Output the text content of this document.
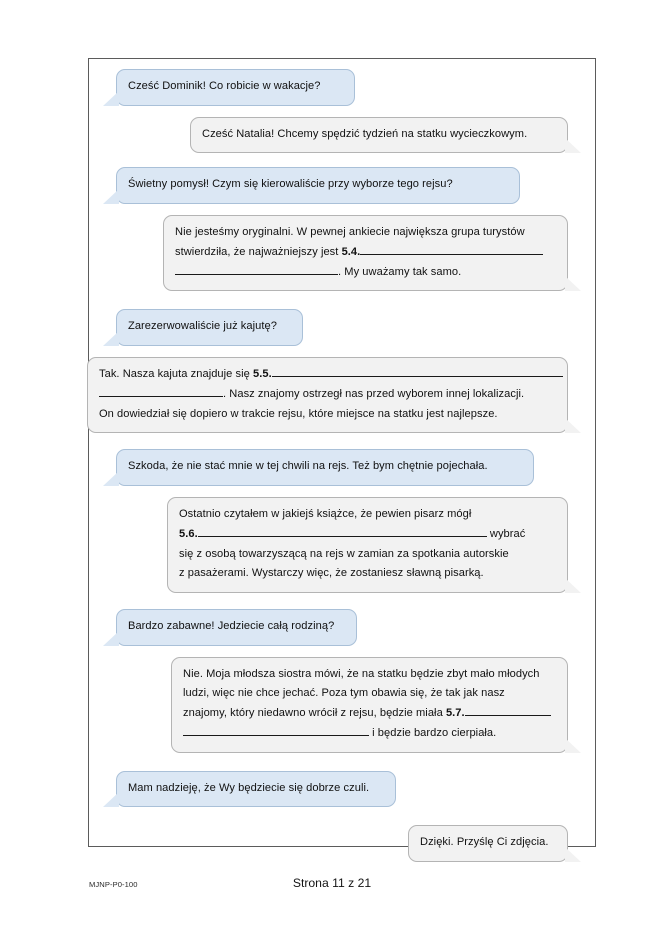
Cześć Dominik! Co robicie w wakacje?
Cześć Natalia! Chcemy spędzić tydzień na statku wycieczkowym.
Świetny pomysł! Czym się kierowaliście przy wyborze tego rejsu?
Nie jesteśmy oryginalni. W pewnej ankiecie największa grupa turystów
stwierdziła, że najważniejszy jest 5.4.
. My uważamy tak samo.
Zarezerwowaliście już kajutę?
Tak. Nasza kajuta znajduje się 5.5.
. Nasz znajomy ostrzegł nas przed wyborem innej lokalizacji.
On dowiedział się dopiero w trakcie rejsu, które miejsce na statku jest najlepsze.
Szkoda, że nie stać mnie w tej chwili na rejs. Też bym chętnie pojechała.
Ostatnio czytałem w jakiejś książce, że pewien pisarz mógł
5.6.	wybrać
się z osobą towarzyszącą na rejs w zamian za spotkania autorskie
z pasażerami. Wystarczy więc, że zostaniesz sławną pisarką.
Bardzo zabawne! Jedziecie całą rodziną?
Nie. Moja młodsza siostra mówi, że na statku będzie zbyt mało młodych
ludzi, więc nie chce jechać. Poza tym obawia się, że tak jak nasz
znajomy, który niedawno wrócił z rejsu, będzie miała 5.7.
i będzie bardzo cierpiała.
Mam nadzieję, że Wy będziecie się dobrze czuli.
Dzięki. Przyślę Ci zdjęcia.
MJNP-P0-100	Strona 11 z 21
